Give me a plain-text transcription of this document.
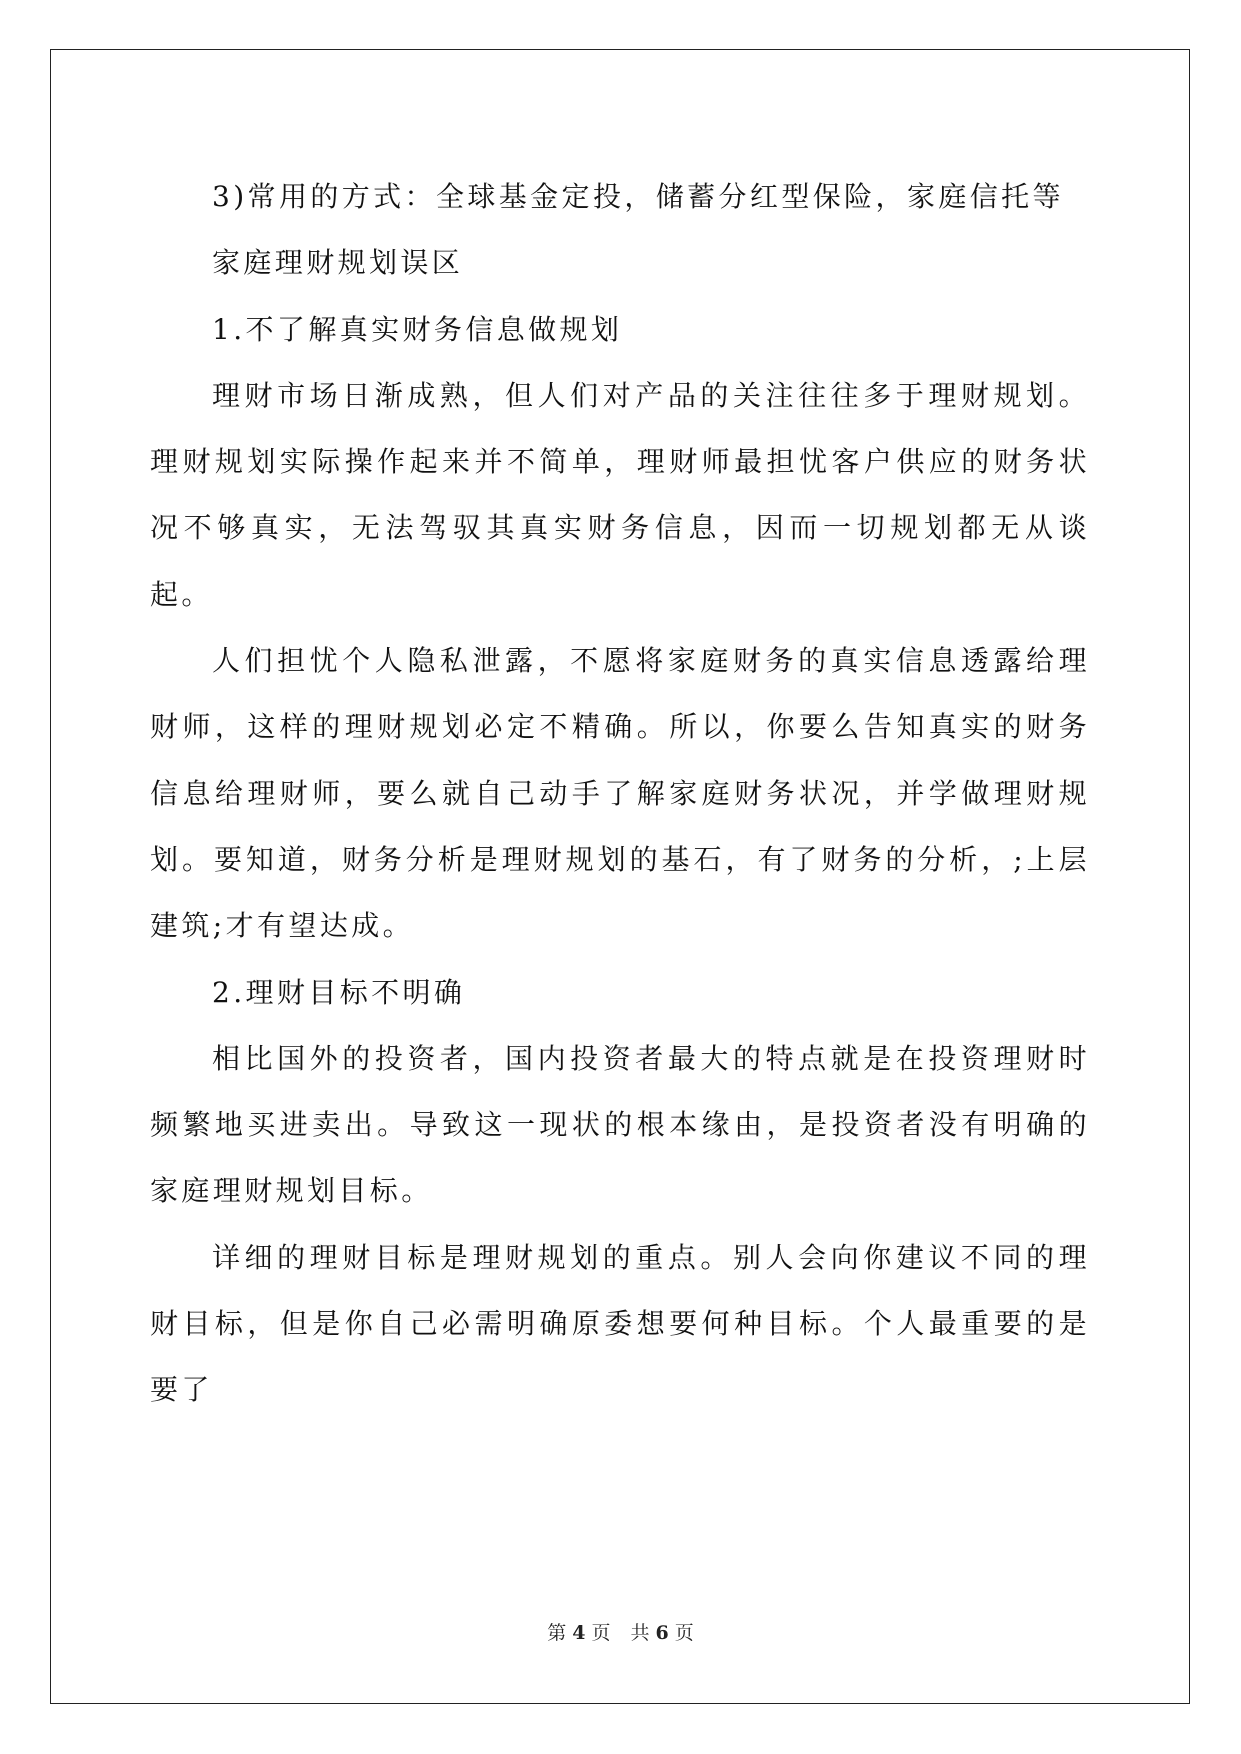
3)常用的方式：全球基金定投，储蓄分红型保险，家庭信托等

家庭理财规划误区

1.不了解真实财务信息做规划

理财市场日渐成熟，但人们对产品的关注往往多于理财规划。理财规划实际操作起来并不简单，理财师最担忧客户供应的财务状况不够真实，无法驾驭其真实财务信息，因而一切规划都无从谈起。

人们担忧个人隐私泄露，不愿将家庭财务的真实信息透露给理财师，这样的理财规划必定不精确。所以，你要么告知真实的财务信息给理财师，要么就自己动手了解家庭财务状况，并学做理财规划。要知道，财务分析是理财规划的基石，有了财务的分析，;上层建筑;才有望达成。

2.理财目标不明确

相比国外的投资者，国内投资者最大的特点就是在投资理财时频繁地买进卖出。导致这一现状的根本缘由，是投资者没有明确的家庭理财规划目标。

详细的理财目标是理财规划的重点。别人会向你建议不同的理财目标，但是你自己必需明确原委想要何种目标。个人最重要的是要了

第 4 页 共 6 页
